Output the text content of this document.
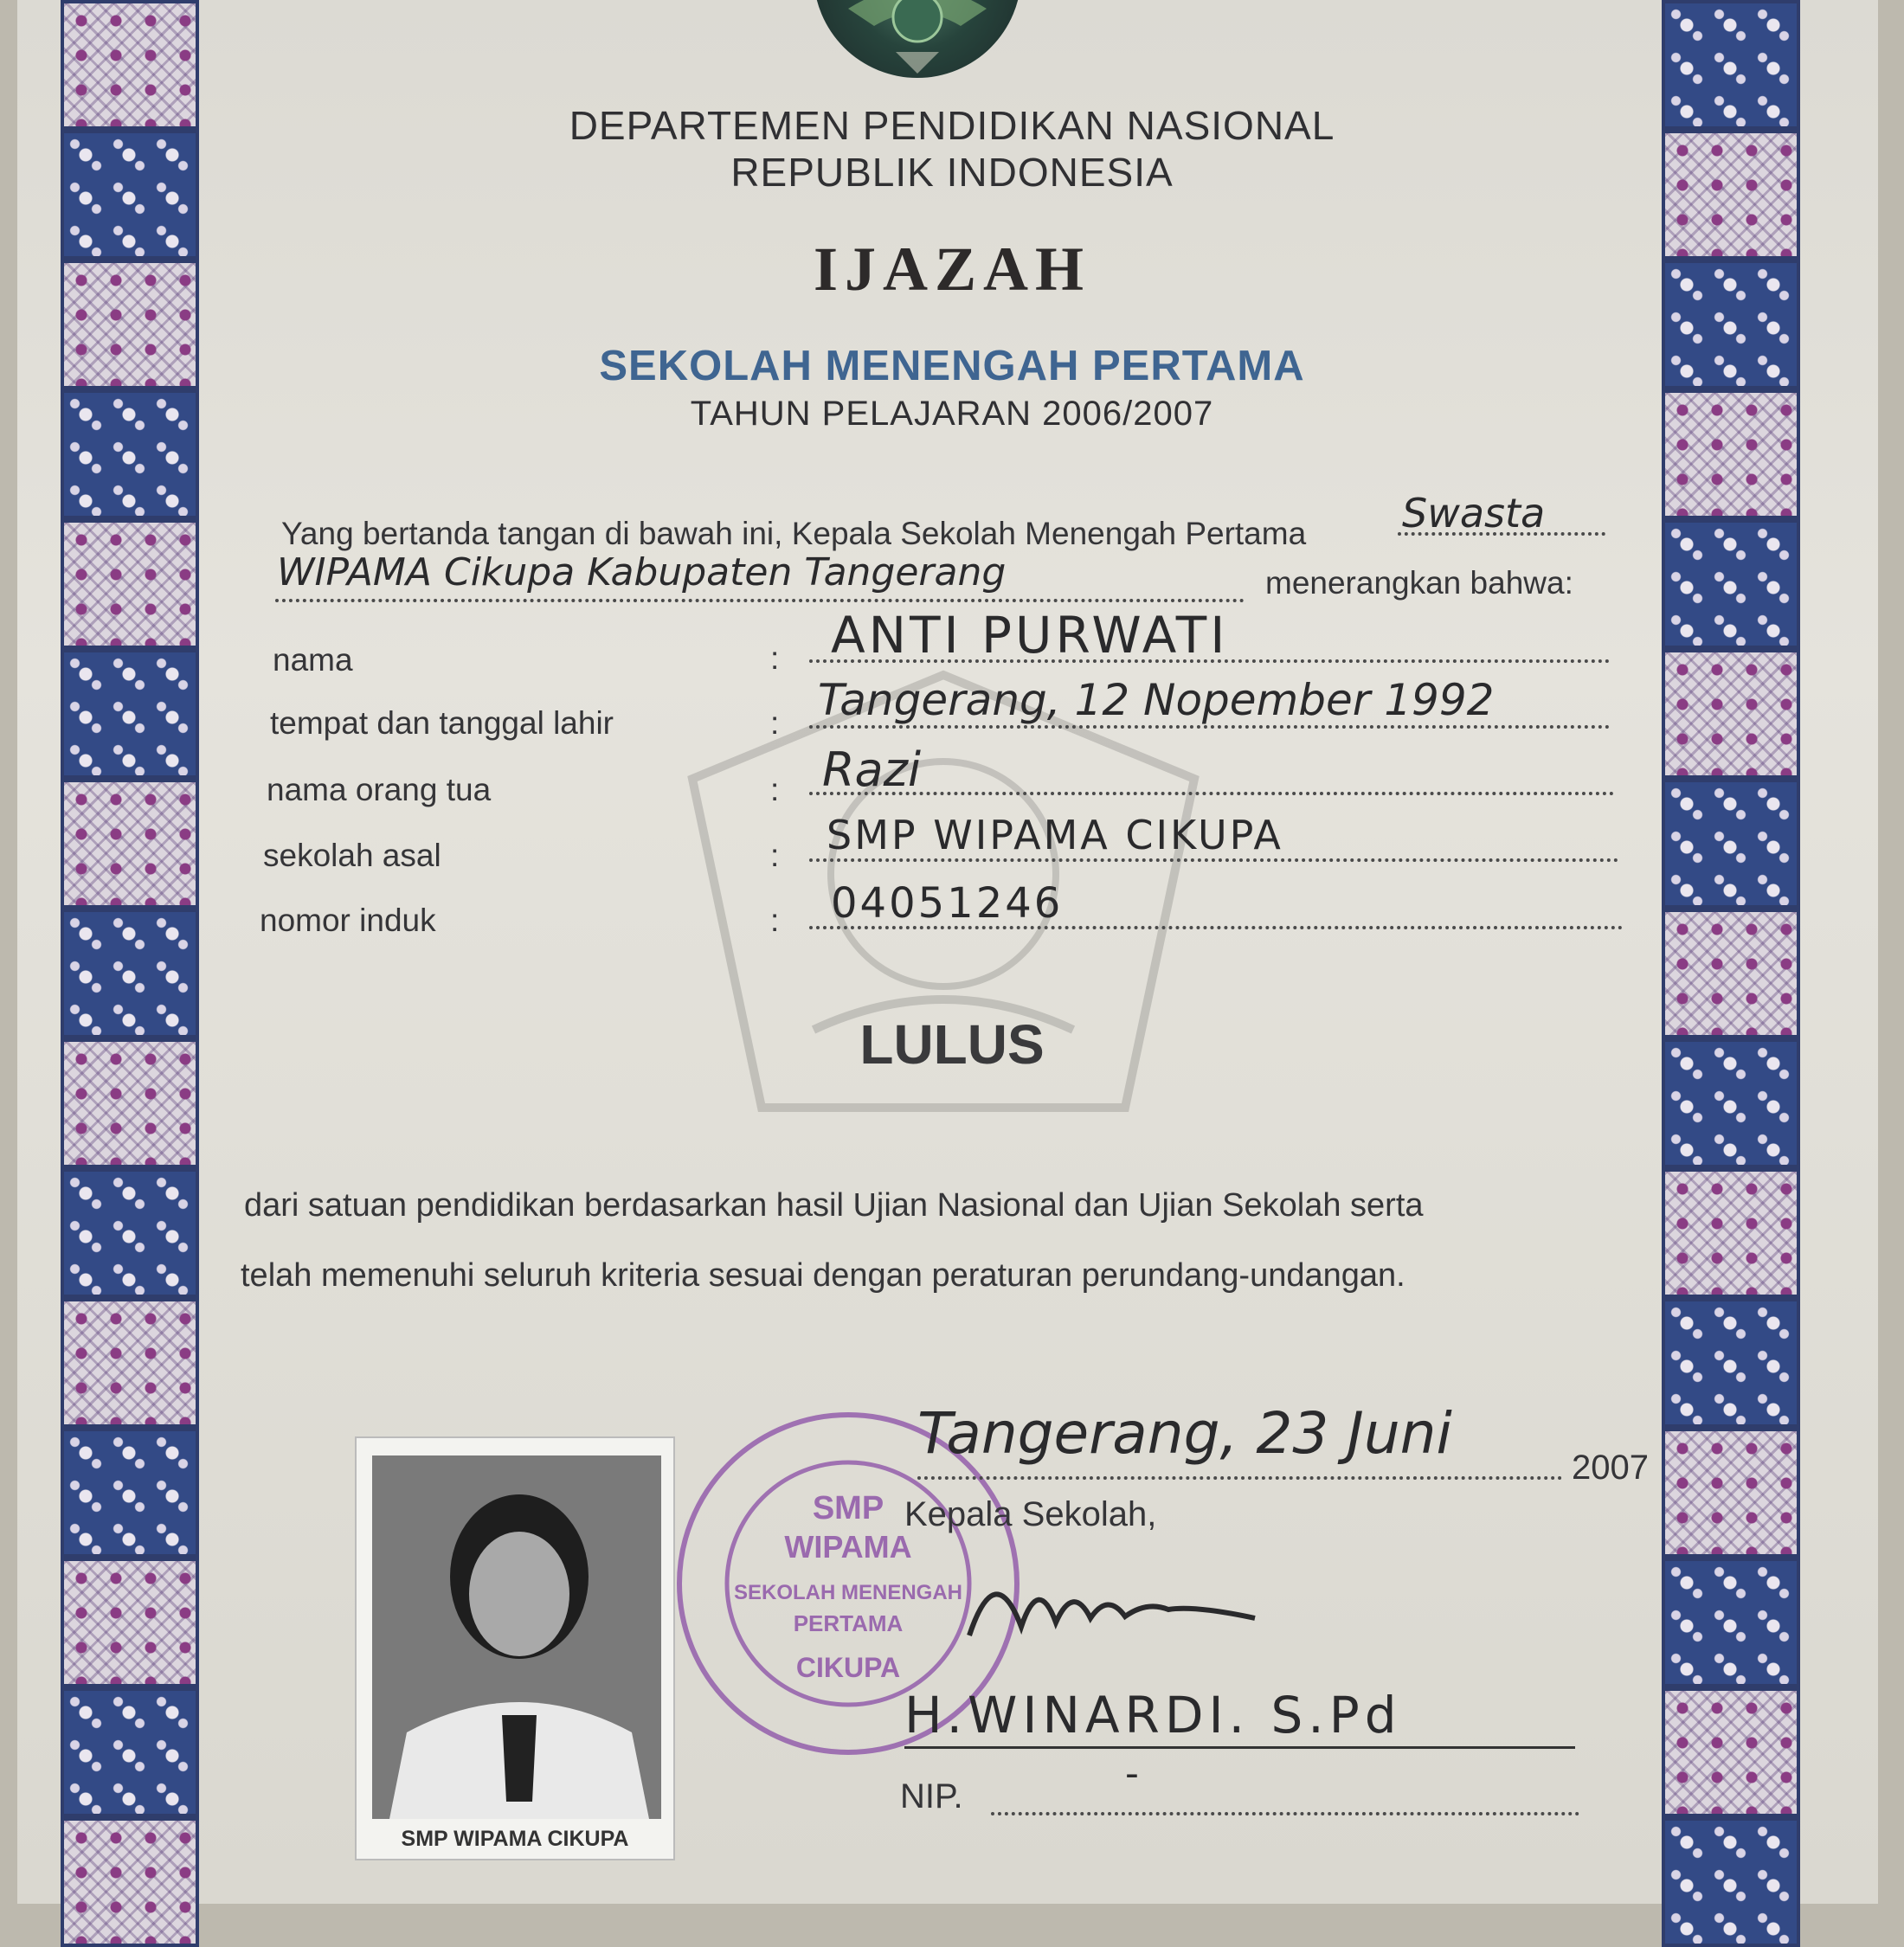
DEPARTEMEN PENDIDIKAN NASIONAL
REPUBLIK INDONESIA
IJAZAH
SEKOLAH MENENGAH PERTAMA
TAHUN PELAJARAN 2006/2007
Yang bertanda tangan di bawah ini, Kepala Sekolah Menengah Pertama Swasta
WIPAMA Cikupa Kabupaten Tangerang	menerangkan bahwa:
nama	: ANTI PURWATI
tempat dan tanggal lahir	: Tangerang, 12 Nopember 1992
nama orang tua	: Razi
sekolah asal	: SMP WIPAMA CIKUPA
nomor induk	: 04051246
LULUS
dari satuan pendidikan berdasarkan hasil Ujian Nasional dan Ujian Sekolah serta
telah memenuhi seluruh kriteria sesuai dengan peraturan perundang-undangan.
SMP WIPAMA CIKUPA
SMP
WIPAMA
SEKOLAH MENENGAH
PERTAMA
CIKUPA
Tangerang, 23 Juni
2007
Kepala Sekolah,
H.WINARDI. S.Pd
NIP.
-
